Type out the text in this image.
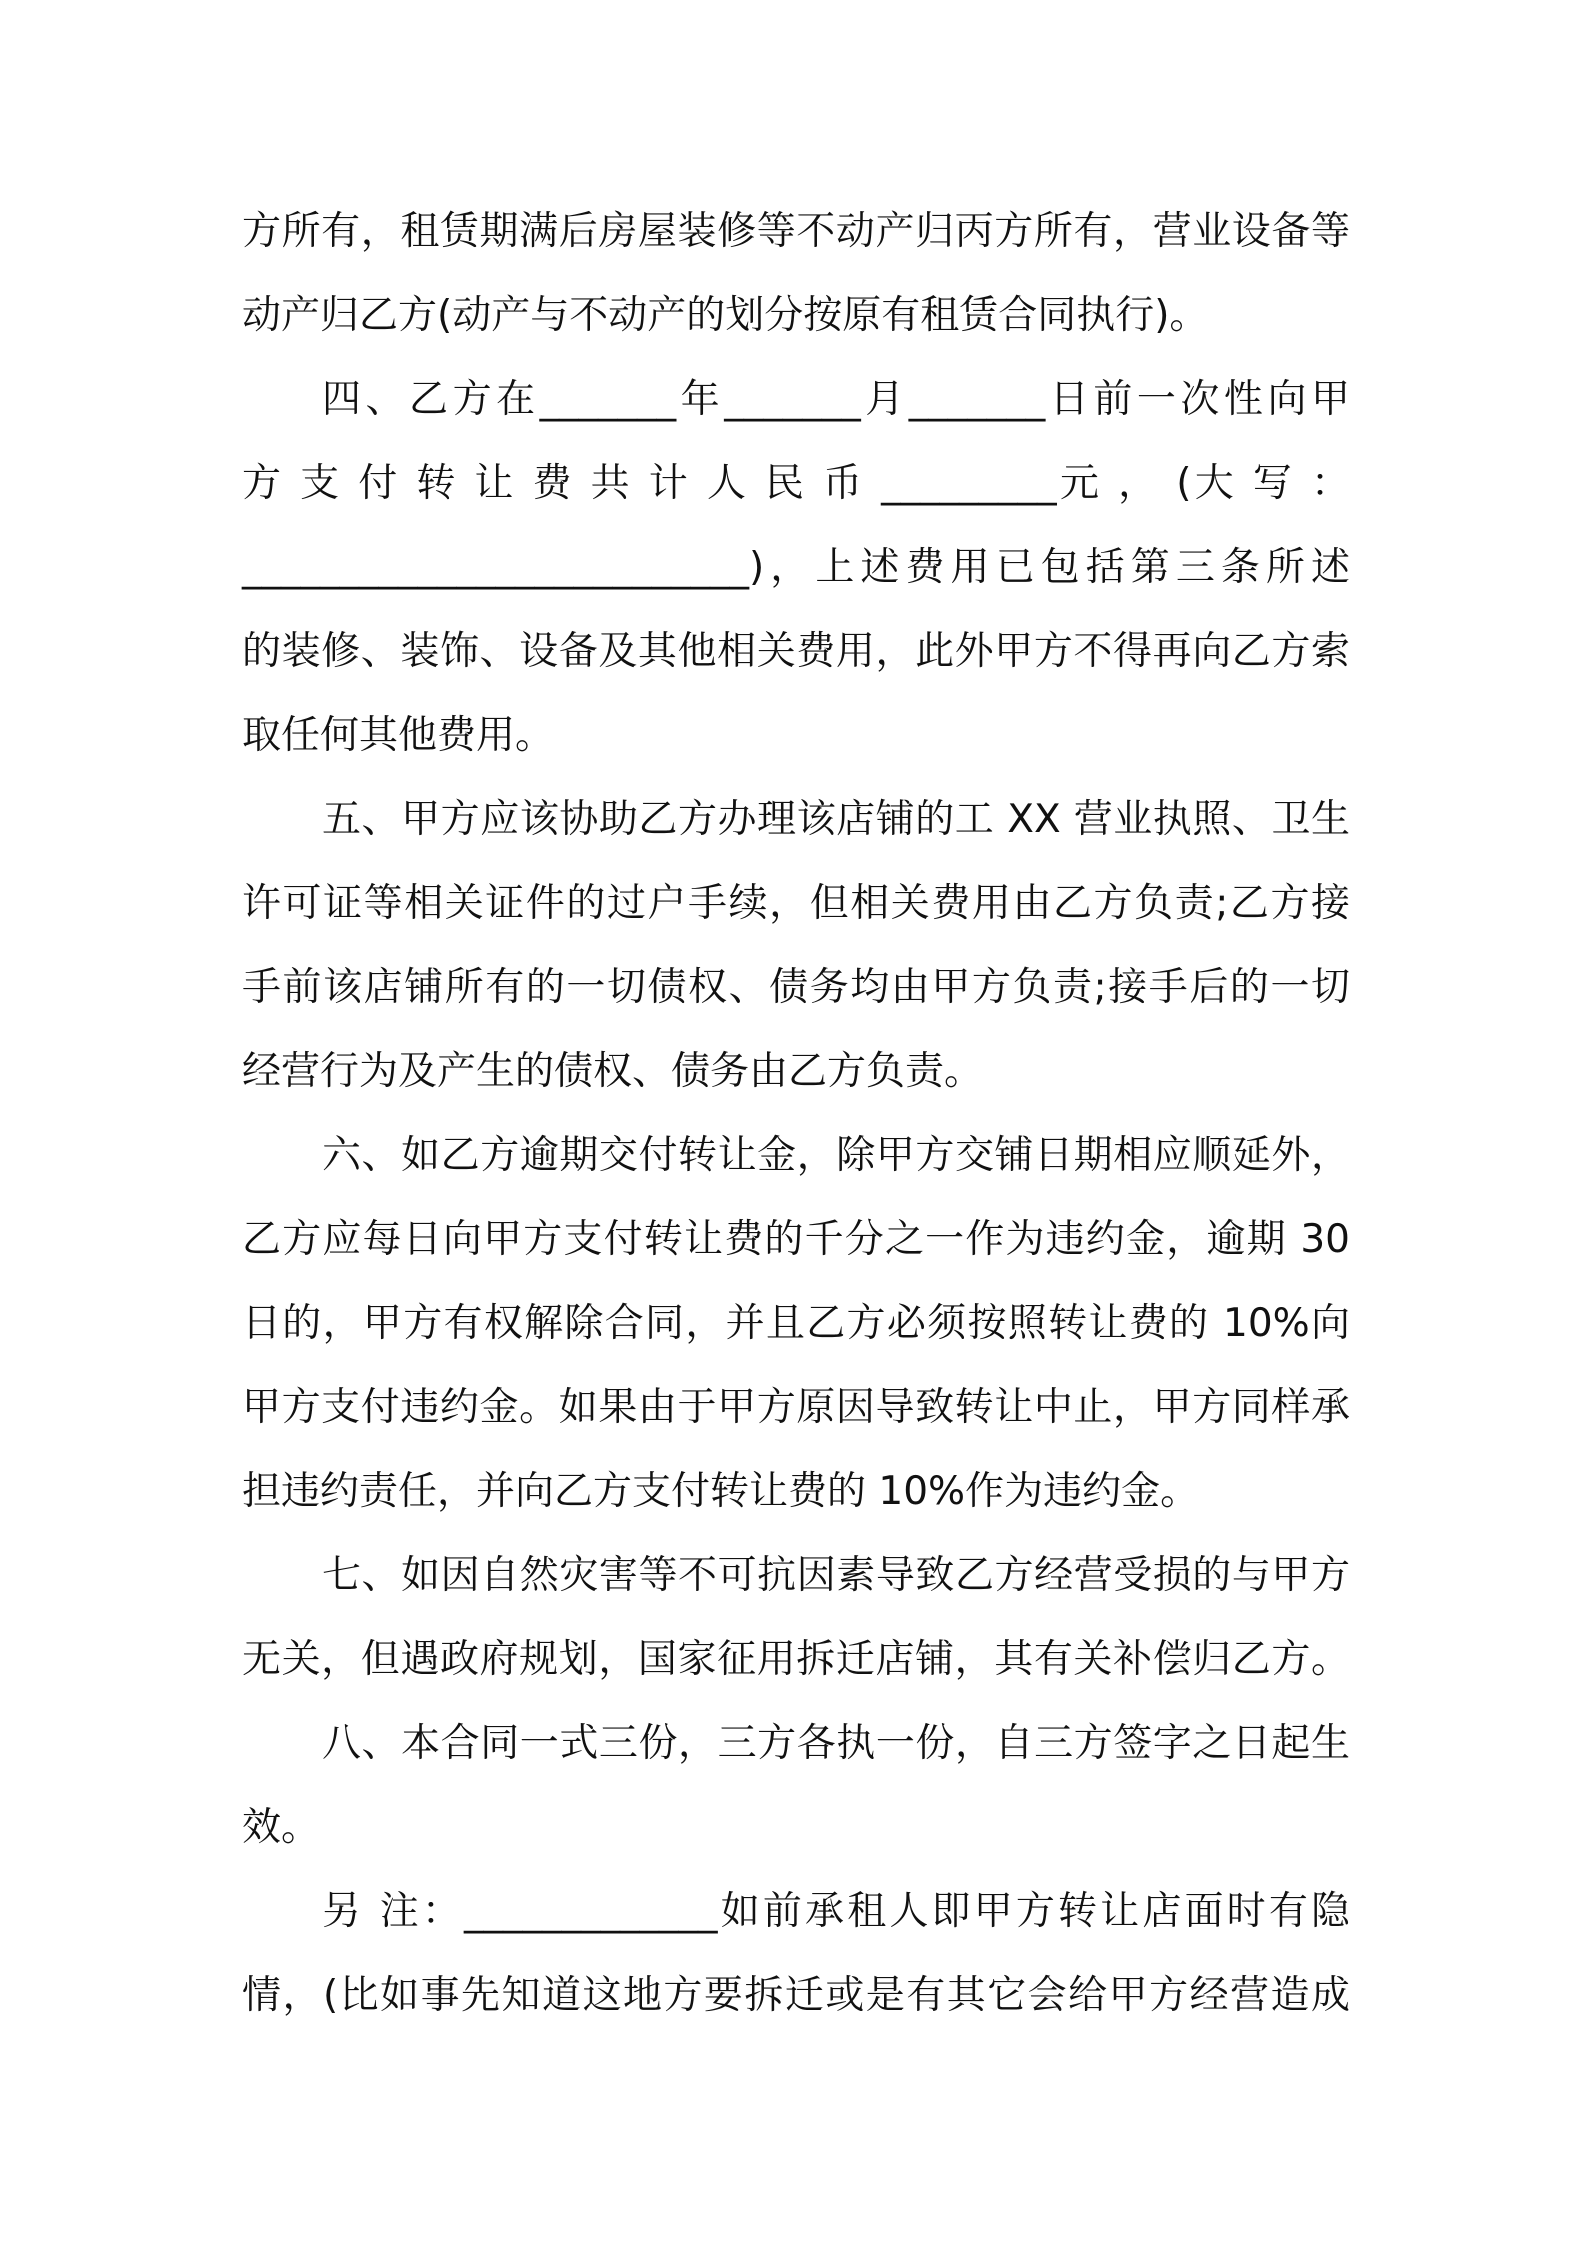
方所有，租赁期满后房屋装修等不动产归丙方所有，营业设备等
动产归乙方(动产与不动产的划分按原有租赁合同执行)。
四、乙方在_______年_______月_______日前一次性向甲
方 支 付 转 让 费 共 计 人 民 币 _________元 ， (大 写 ：
__________________________)，上述费用已包括第三条所述
的装修、装饰、设备及其他相关费用，此外甲方不得再向乙方索
取任何其他费用。
五、甲方应该协助乙方办理该店铺的工 XX 营业执照、卫生
许可证等相关证件的过户手续，但相关费用由乙方负责;乙方接
手前该店铺所有的一切债权、债务均由甲方负责;接手后的一切
经营行为及产生的债权、债务由乙方负责。
六、如乙方逾期交付转让金，除甲方交铺日期相应顺延外，
乙方应每日向甲方支付转让费的千分之一作为违约金，逾期 30
日的，甲方有权解除合同，并且乙方必须按照转让费的 10%向
甲方支付违约金。如果由于甲方原因导致转让中止，甲方同样承
担违约责任，并向乙方支付转让费的 10%作为违约金。
七、如因自然灾害等不可抗因素导致乙方经营受损的与甲方
无关，但遇政府规划，国家征用拆迁店铺，其有关补偿归乙方。
八、本合同一式三份，三方各执一份，自三方签字之日起生
效。
另 注：_____________如前承租人即甲方转让店面时有隐
情，(比如事先知道这地方要拆迁或是有其它会给甲方经营造成
